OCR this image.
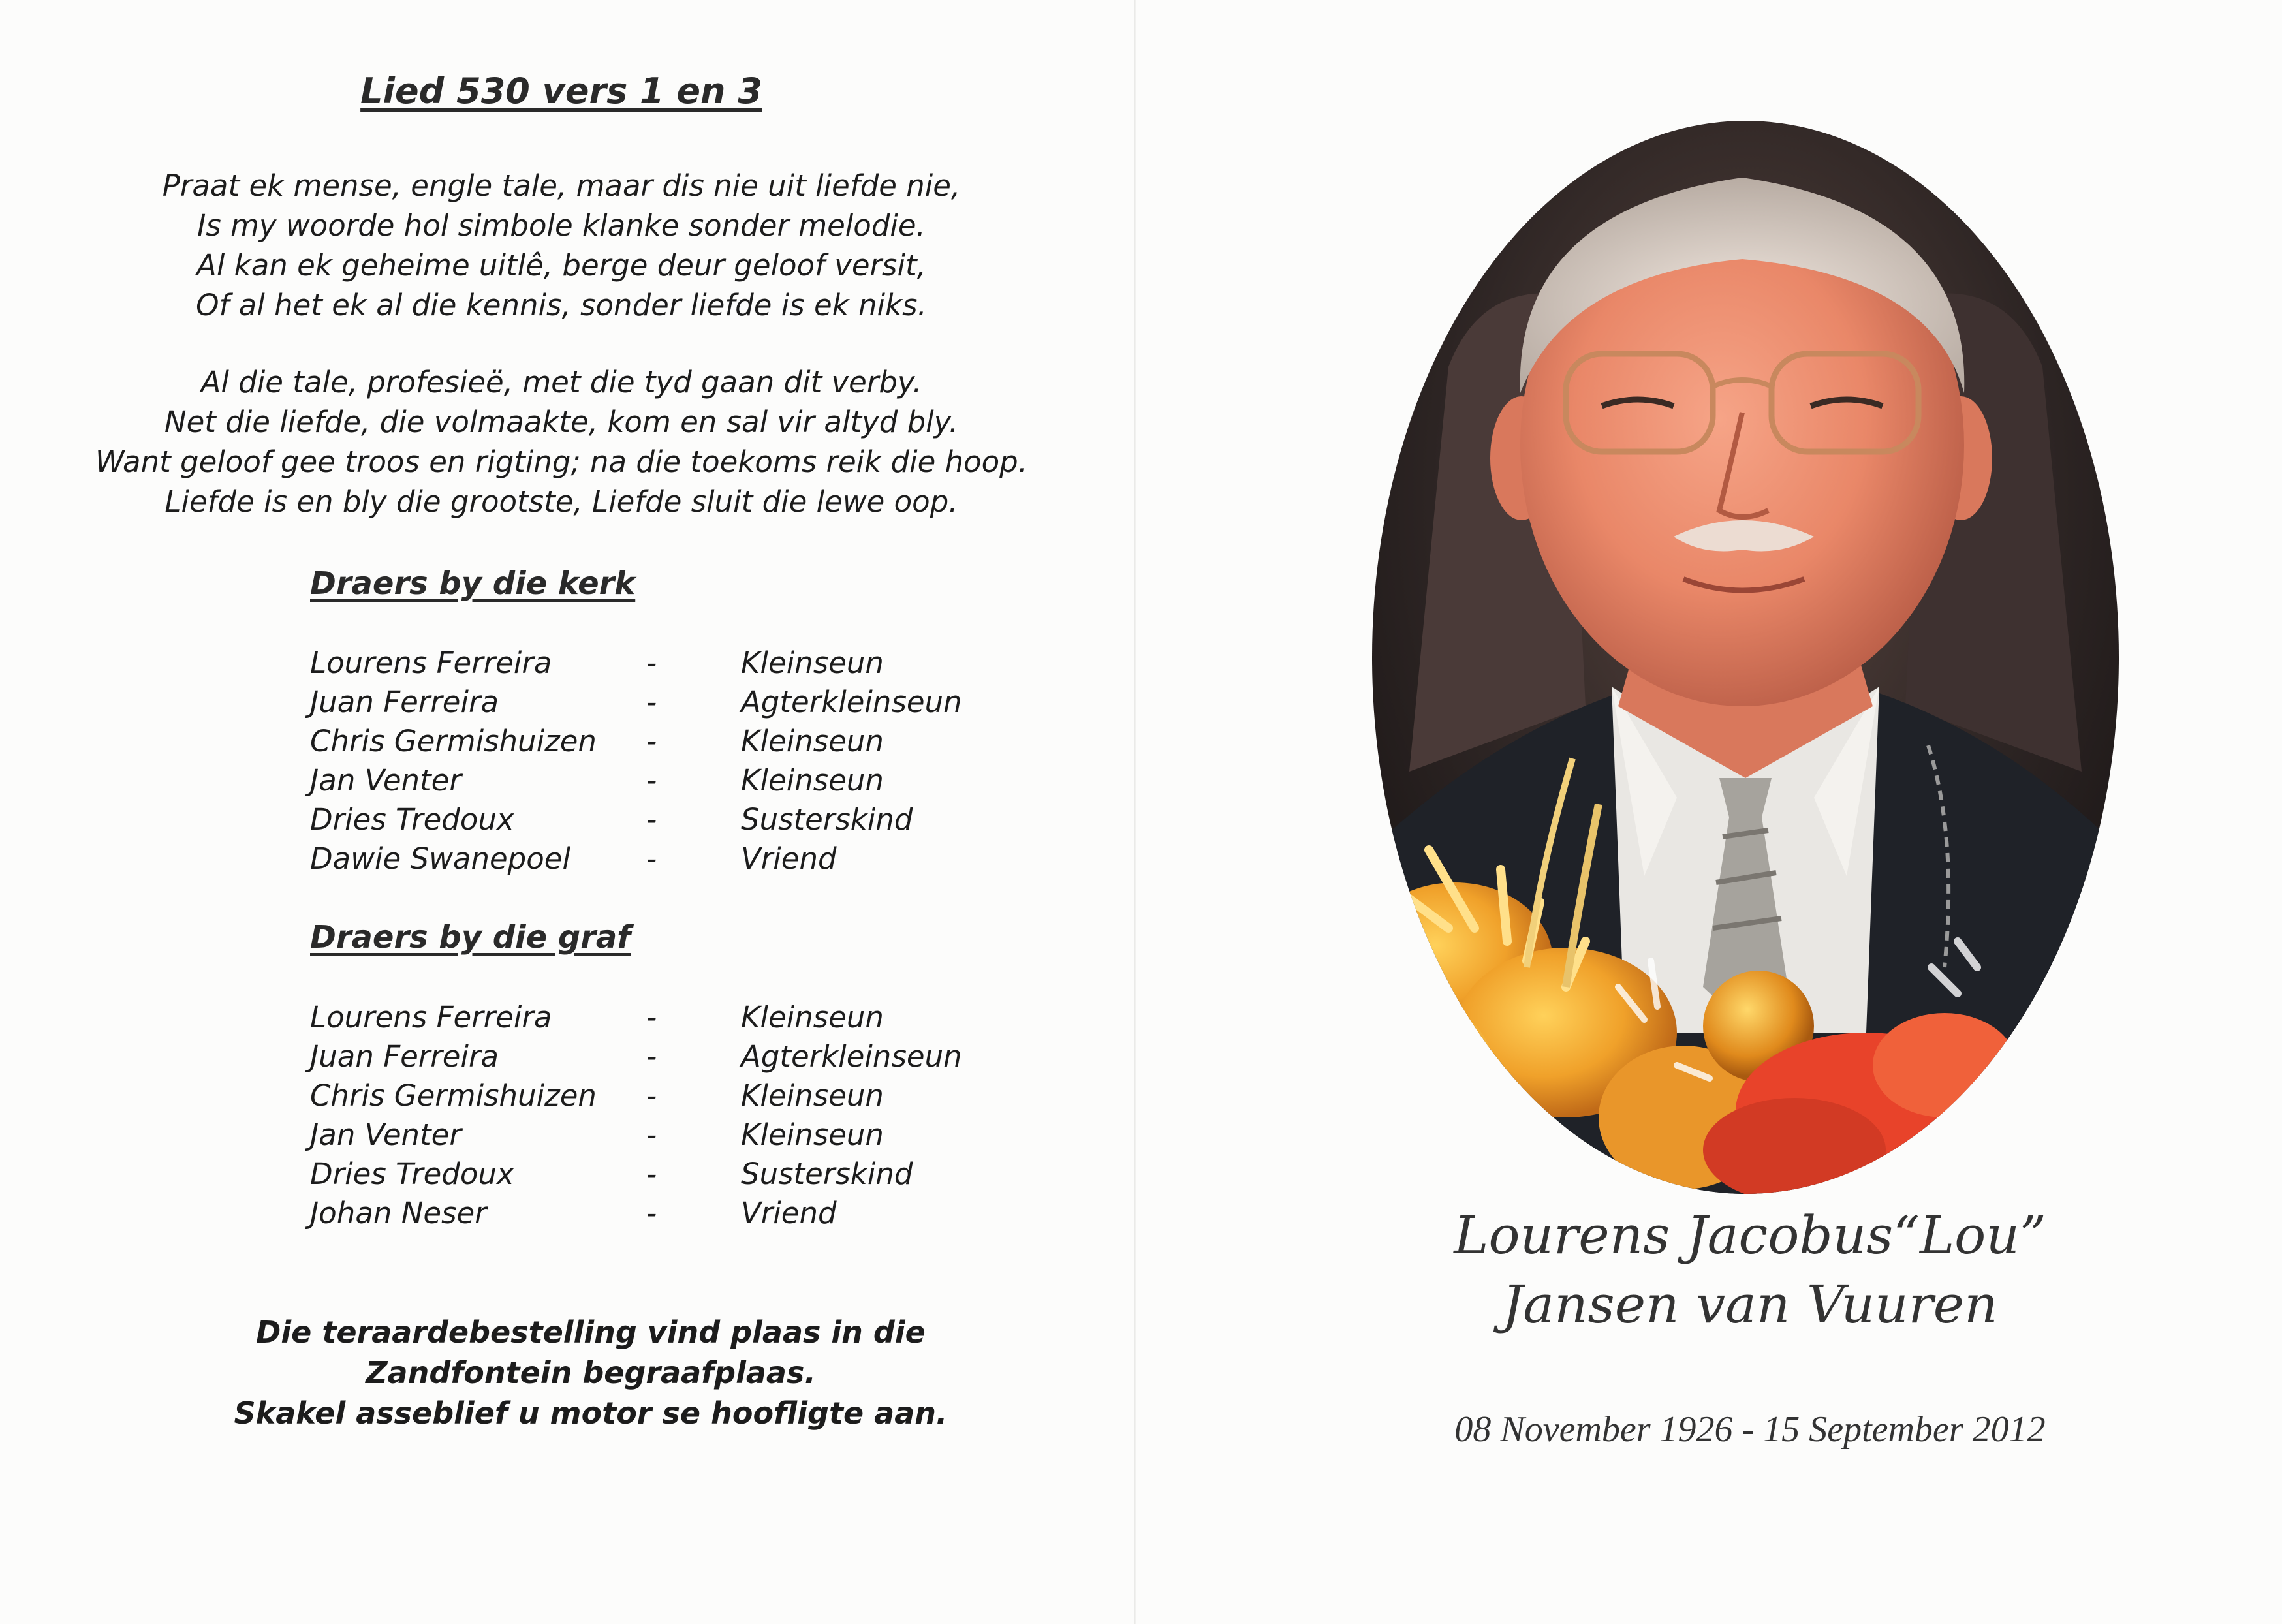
Lied 530 vers 1 en 3
Praat ek mense, engle tale, maar dis nie uit liefde nie,
Is my woorde hol simbole klanke sonder melodie.
Al kan ek geheime uitlê, berge deur geloof versit,
Of al het ek al die kennis, sonder liefde is ek niks.
Al die tale, profesieë, met die tyd gaan dit verby.
Net die liefde, die volmaakte, kom en sal vir altyd bly.
Want geloof gee troos en rigting; na die toekoms reik die hoop.
Liefde is en bly die grootste, Liefde sluit die lewe oop.
Draers by die kerk
Lourens Ferreira	-	Kleinseun
Juan Ferreira	-	Agterkleinseun
Chris Germishuizen -	Kleinseun
Jan Venter	-	Kleinseun
Dries Tredoux	-	Susterskind
Dawie Swanepoel	-	Vriend
Draers by die graf
Lourens Ferreira	-	Kleinseun
Juan Ferreira	-	Agterkleinseun
Chris Germishuizen -	Kleinseun
Jan Venter	-	Kleinseun
Dries Tredoux	-	Susterskind
Johan Neser	-	Vriend
Die teraardebestelling vind plaas in die
Zandfontein begraafplaas.
Skakel asseblief u motor se hoofligte aan.
Lourens Jacobus“Lou”
Jansen van Vuuren
08 November 1926 - 15 September 2012
